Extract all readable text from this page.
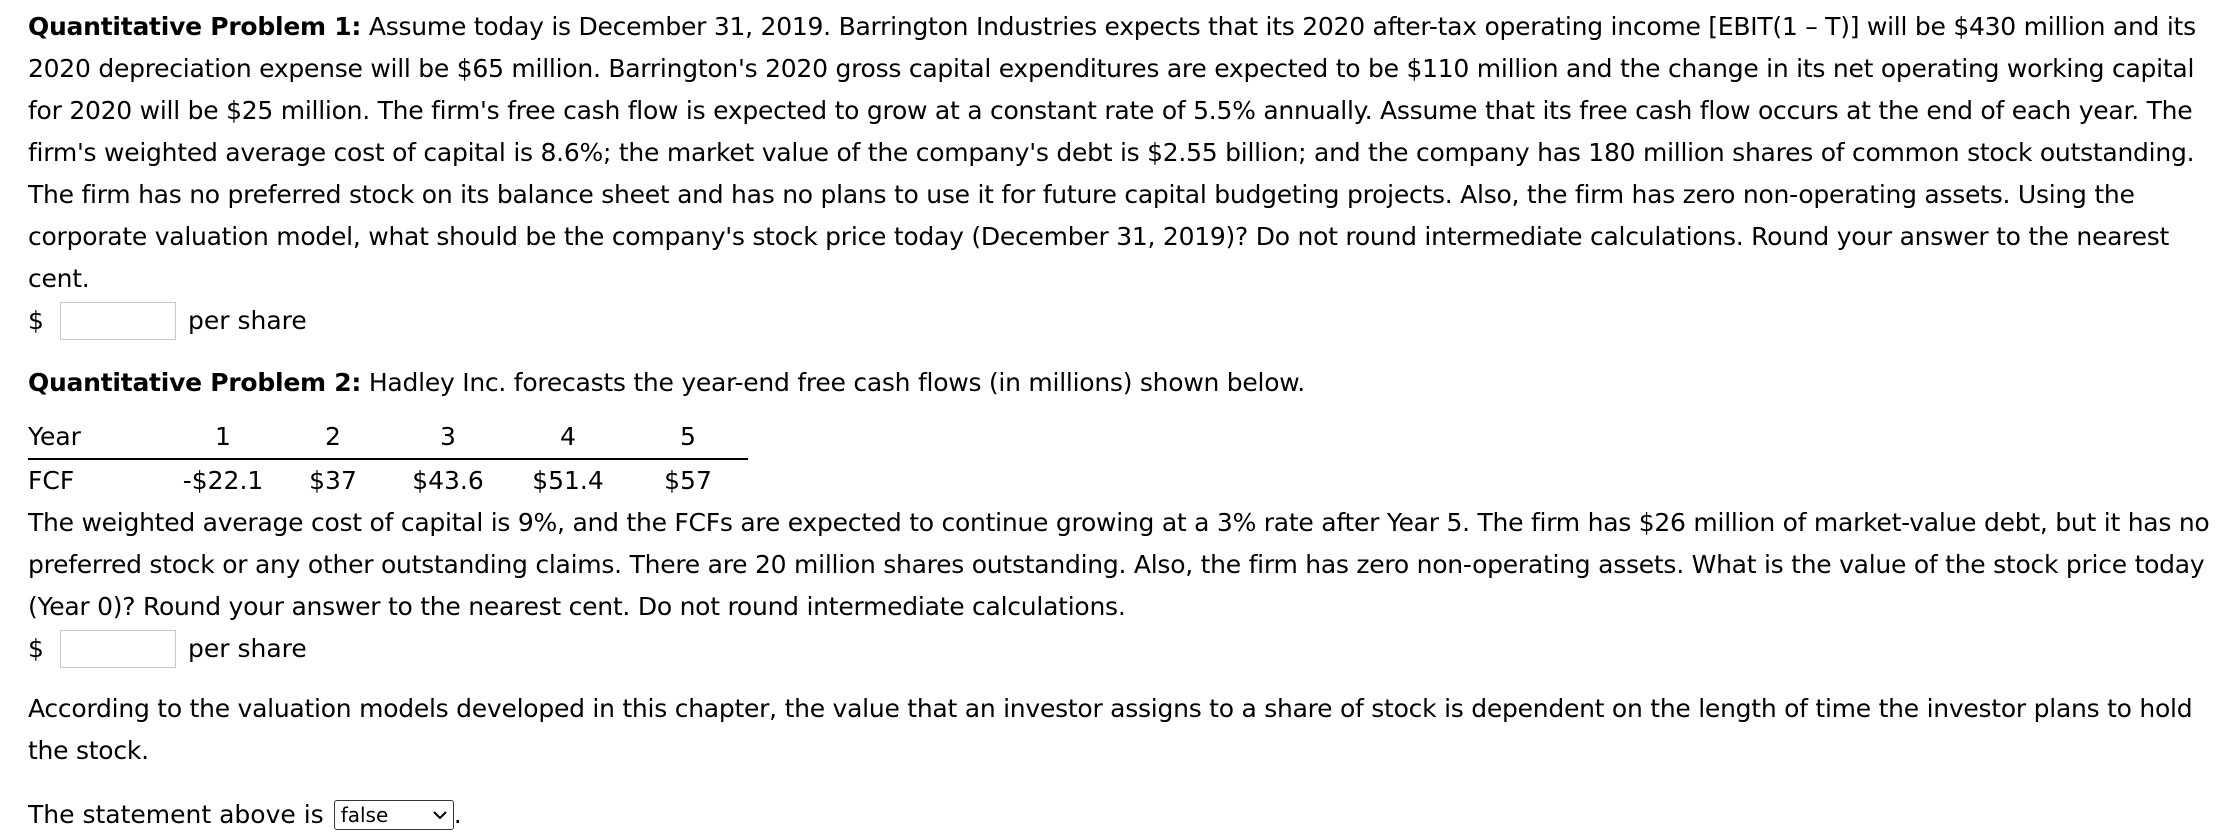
Quantitative Problem 1: Assume today is December 31, 2019. Barrington Industries expects that its 2020 after-tax operating income [EBIT(1 – T)] will be $430 million and its 2020 depreciation expense will be $65 million. Barrington's 2020 gross capital expenditures are expected to be $110 million and the change in its net operating working capital for 2020 will be $25 million. The firm's free cash flow is expected to grow at a constant rate of 5.5% annually. Assume that its free cash flow occurs at the end of each year. The firm's weighted average cost of capital is 8.6%; the market value of the company's debt is $2.55 billion; and the company has 180 million shares of common stock outstanding. The firm has no preferred stock on its balance sheet and has no plans to use it for future capital budgeting projects. Also, the firm has zero non-operating assets. Using the corporate valuation model, what should be the company's stock price today (December 31, 2019)? Do not round intermediate calculations. Round your answer to the nearest cent.

$	per share

Quantitative Problem 2: Hadley Inc. forecasts the year-end free cash flows (in millions) shown below.

Year	1	2	3	4	5
FCF	-$22.1	$37	$43.6	$51.4	$57

The weighted average cost of capital is 9%, and the FCFs are expected to continue growing at a 3% rate after Year 5. The firm has $26 million of market-value debt, but it has no preferred stock or any other outstanding claims. There are 20 million shares outstanding. Also, the firm has zero non-operating assets. What is the value of the stock price today (Year 0)? Round your answer to the nearest cent. Do not round intermediate calculations.

$	per share

According to the valuation models developed in this chapter, the value that an investor assigns to a share of stock is dependent on the length of time the investor plans to hold the stock.

The statement above is false	.
